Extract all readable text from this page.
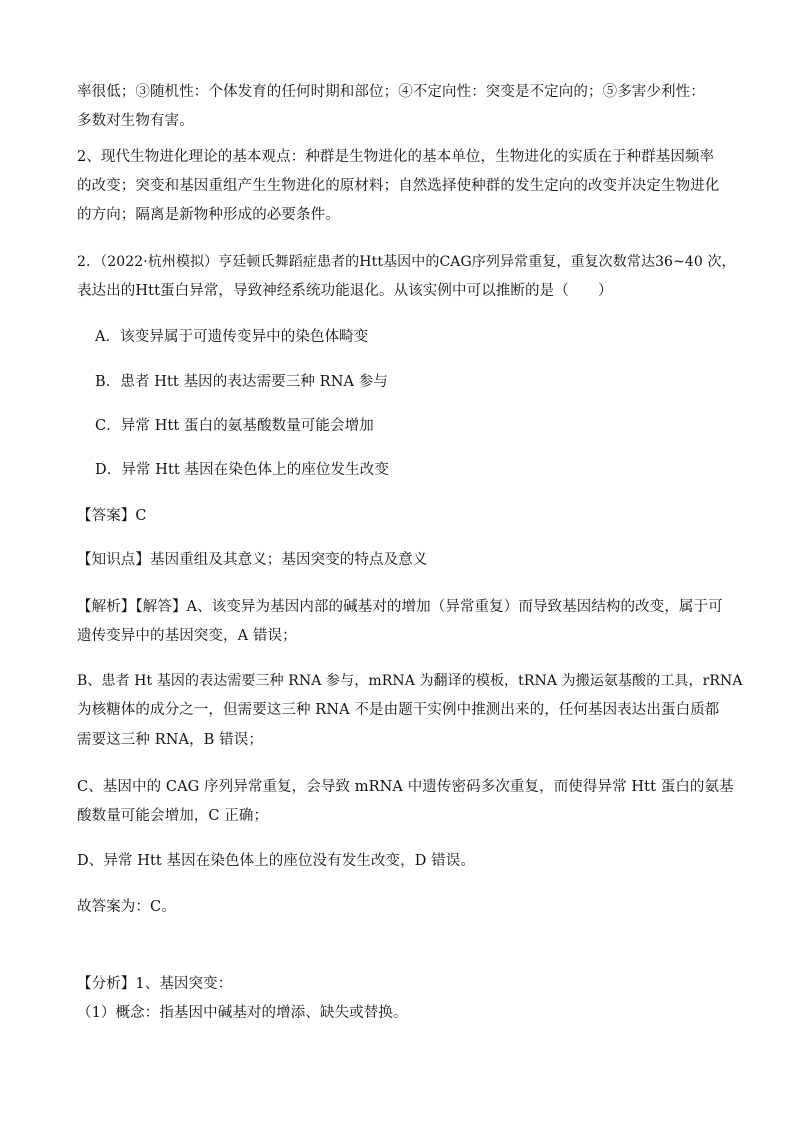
率很低；③随机性：个体发育的任何时期和部位；④不定向性：突变是不定向的；⑤多害少利性：
多数对生物有害。
2、现代生物进化理论的基本观点：种群是生物进化的基本单位，生物进化的实质在于种群基因频率
的改变；突变和基因重组产生生物进化的原材料；自然选择使种群的发生定向的改变并决定生物进化
的方向；隔离是新物种形成的必要条件。
2．（2022·杭州模拟）亨廷顿氏舞蹈症患者的Htt基因中的CAG序列异常重复，重复次数常达36~40 次，
表达出的Htt蛋白异常，导致神经系统功能退化。从该实例中可以推断的是（　　）
A．该变异属于可遗传变异中的染色体畸变
B．患者 Htt 基因的表达需要三种 RNA 参与
C．异常 Htt 蛋白的氨基酸数量可能会增加
D．异常 Htt 基因在染色体上的座位发生改变
【答案】C
【知识点】基因重组及其意义；基因突变的特点及意义
【解析】【解答】A、该变异为基因内部的碱基对的增加（异常重复）而导致基因结构的改变，属于可
遗传变异中的基因突变，A 错误；
B、患者 Ht 基因的表达需要三种 RNA 参与，mRNA 为翻译的模板，tRNA 为搬运氨基酸的工具，rRNA
为核糖体的成分之一，但需要这三种 RNA 不是由题干实例中推测出来的，任何基因表达出蛋白质都
需要这三种 RNA，B 错误；
C、基因中的 CAG 序列异常重复，会导致 mRNA 中遗传密码多次重复，而使得异常 Htt 蛋白的氨基
酸数量可能会增加，C 正确；
D、异常 Htt 基因在染色体上的座位没有发生改变，D 错误。
故答案为：C。
【分析】1、基因突变：
（1）概念：指基因中碱基对的增添、缺失或替换。
